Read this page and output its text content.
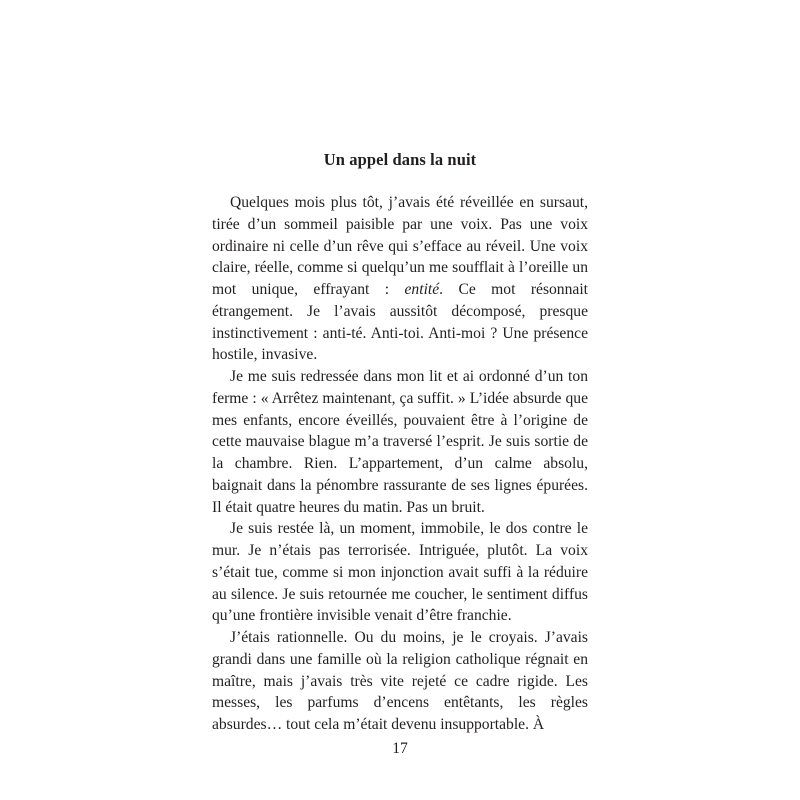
Un appel dans la nuit

Quelques mois plus tôt, j’avais été réveillée en sursaut, tirée d’un sommeil paisible par une voix. Pas une voix ordinaire ni celle d’un rêve qui s’efface au réveil. Une voix claire, réelle, comme si quelqu’un me soufflait à l’oreille un mot unique, effrayant : entité. Ce mot résonnait étrangement. Je l’avais aussitôt décomposé, presque instinctivement : anti-té. Anti-toi. Anti-moi ? Une présence hostile, invasive.

Je me suis redressée dans mon lit et ai ordonné d’un ton ferme : « Arrêtez maintenant, ça suffit. » L’idée absurde que mes enfants, encore éveillés, pouvaient être à l’origine de cette mauvaise blague m’a traversé l’esprit. Je suis sortie de la chambre. Rien. L’appartement, d’un calme absolu, baignait dans la pénombre rassurante de ses lignes épurées. Il était quatre heures du matin. Pas un bruit.

Je suis restée là, un moment, immobile, le dos contre le mur. Je n’étais pas terrorisée. Intriguée, plutôt. La voix s’était tue, comme si mon injonction avait suffi à la réduire au silence. Je suis retournée me coucher, le sentiment diffus qu’une frontière invisible venait d’être franchie.

J’étais rationnelle. Ou du moins, je le croyais. J’avais grandi dans une famille où la religion catholique régnait en maître, mais j’avais très vite rejeté ce cadre rigide. Les messes, les parfums d’encens entêtants, les règles absurdes… tout cela m’était devenu insupportable. À

17
